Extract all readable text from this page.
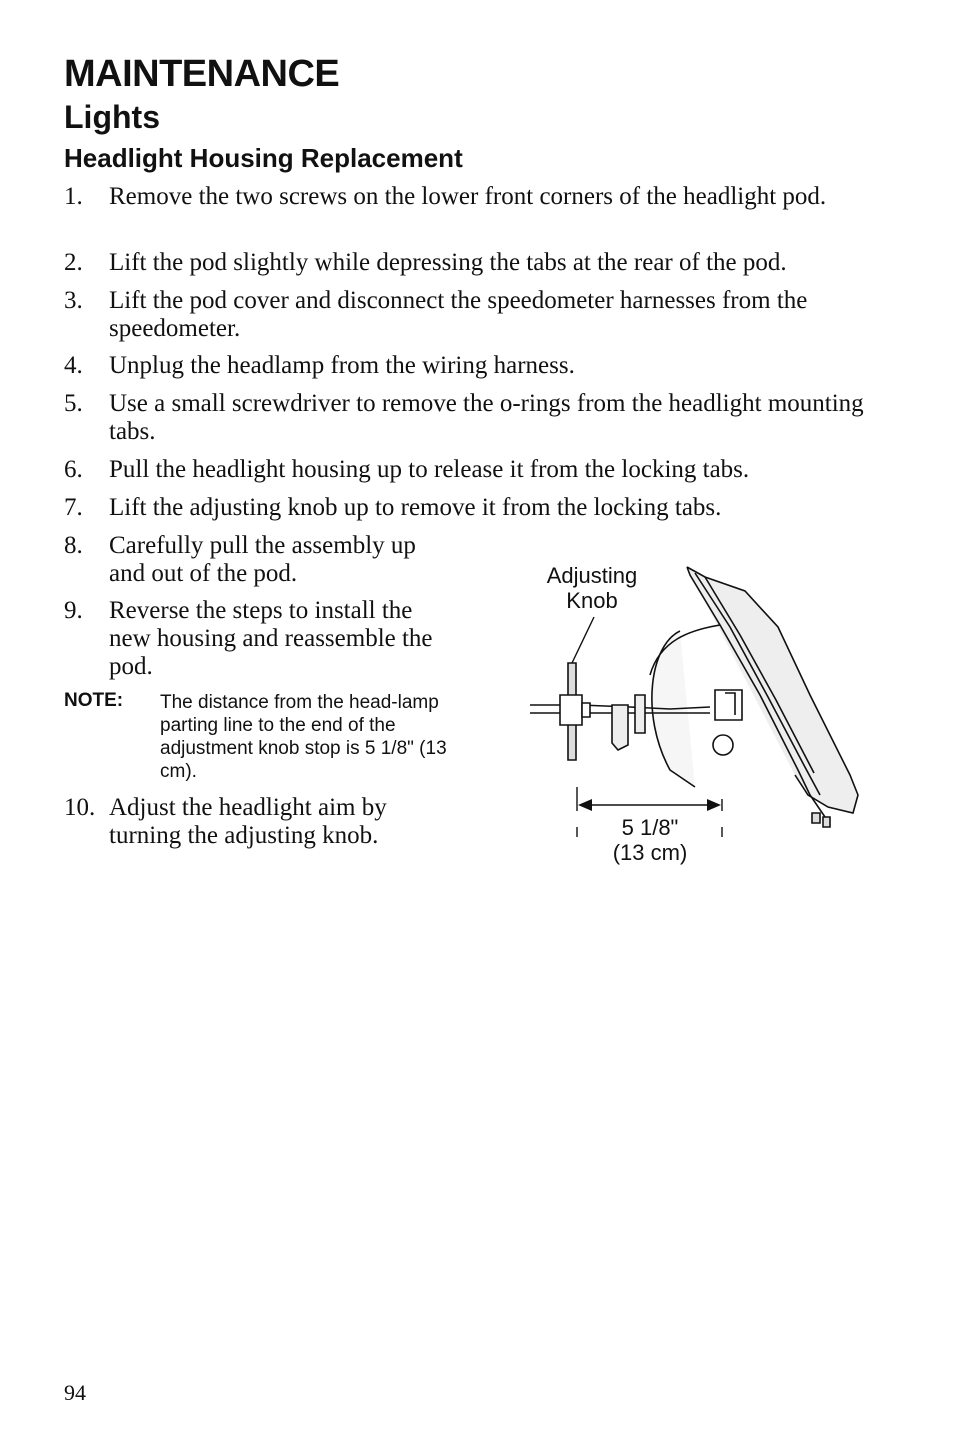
MAINTENANCE
Lights
Headlight Housing Replacement
1.	Remove the two screws on the lower front corners of the headlight pod.
2.	Lift the pod slightly while depressing the tabs at the rear of the pod.
3.	Lift the pod cover and disconnect the speedometer harnesses from the speedometer.
4.	Unplug the headlamp from the wiring harness.
5.	Use a small screwdriver to remove the o-rings from the headlight mounting tabs.
6.	Pull the headlight housing up to release it from the locking tabs.
7.	Lift the adjusting knob up to remove it from the locking tabs.
8.	Carefully pull the assembly up and out of the pod.
9.	Reverse the steps to install the new housing and reassemble the pod.
NOTE: The distance from the head-lamp parting line to the end of the adjustment knob stop is 5 1/8" (13 cm).
10. Adjust the headlight aim by turning the adjusting knob.
Adjusting
Knob
5 1/8"
(13 cm)
94
